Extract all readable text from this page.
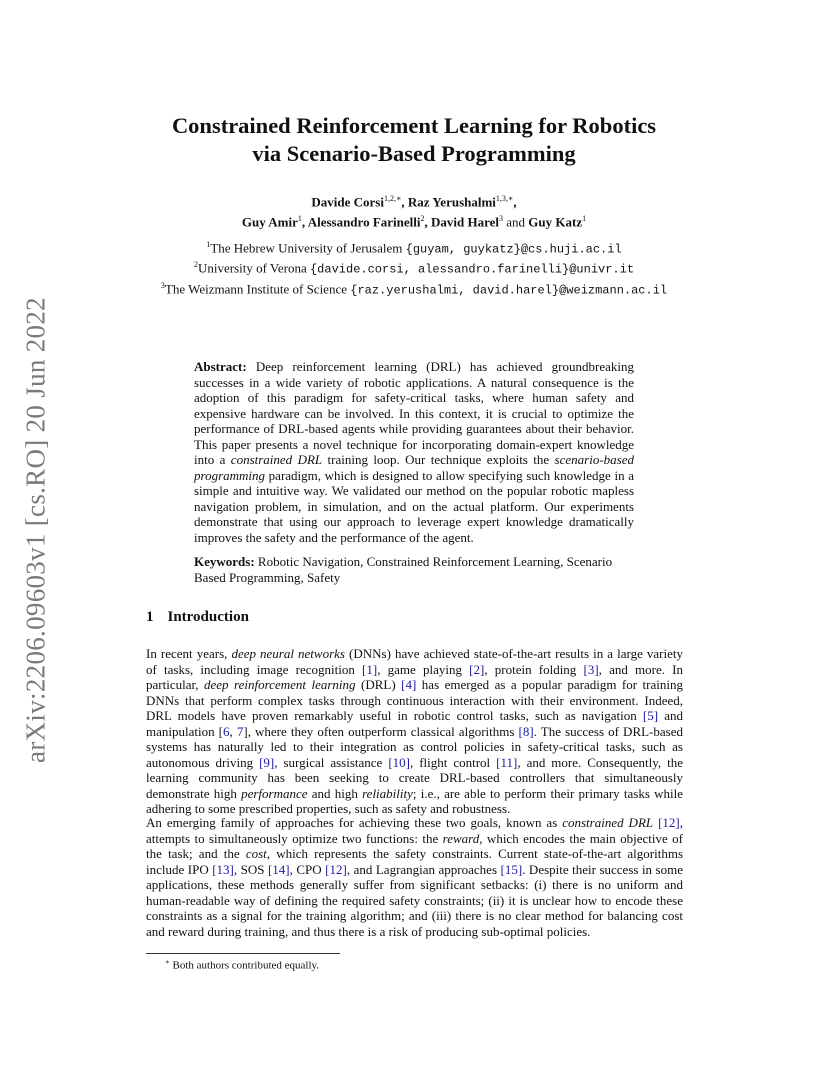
arXiv:2206.09603v1 [cs.RO] 20 Jun 2022
Constrained Reinforcement Learning for Robotics
via Scenario-Based Programming
Davide Corsi$^{1,2,∗}$, Raz Yerushalmi$^{1,3,∗}$,
Guy Amir$^1$, Alessandro Farinelli$^2$, David Harel$^3$ and Guy Katz$^1$
$^1$The Hebrew University of Jerusalem {guyam, guykatz}@cs.huji.ac.il
$^2$University of Verona {davide.corsi, alessandro.farinelli}@univr.it
$^3$The Weizmann Institute of Science {raz.yerushalmi, david.harel}@weizmann.ac.il
Abstract: Deep reinforcement learning (DRL) has achieved groundbreaking successes in a wide variety of robotic applications. A natural consequence is the adoption of this paradigm for safety-critical tasks, where human safety and expensive hardware can be involved. In this context, it is crucial to optimize the performance of DRL-based agents while providing guarantees about their behavior. This paper presents a novel technique for incorporating domain-expert knowledge into a constrained DRL training loop. Our technique exploits the scenario-based programming paradigm, which is designed to allow specifying such knowledge in a simple and intuitive way. We validated our method on the popular robotic mapless navigation problem, in simulation, and on the actual platform. Our experiments demonstrate that using our approach to leverage expert knowledge dramatically improves the safety and the performance of the agent.
Keywords: Robotic Navigation, Constrained Reinforcement Learning, Scenario Based Programming, Safety
1 Introduction
In recent years, deep neural networks (DNNs) have achieved state-of-the-art results in a large variety of tasks, including image recognition [1], game playing [2], protein folding [3], and more. In particular, deep reinforcement learning (DRL) [4] has emerged as a popular paradigm for training DNNs that perform complex tasks through continuous interaction with their environment. Indeed, DRL models have proven remarkably useful in robotic control tasks, such as navigation [5] and manipulation [6, 7], where they often outperform classical algorithms [8]. The success of DRL-based systems has naturally led to their integration as control policies in safety-critical tasks, such as autonomous driving [9], surgical assistance [10], flight control [11], and more. Consequently, the learning community has been seeking to create DRL-based controllers that simultaneously demonstrate high performance and high reliability; i.e., are able to perform their primary tasks while adhering to some prescribed properties, such as safety and robustness.
An emerging family of approaches for achieving these two goals, known as constrained DRL [12], attempts to simultaneously optimize two functions: the reward, which encodes the main objective of the task; and the cost, which represents the safety constraints. Current state-of-the-art algorithms include IPO [13], SOS [14], CPO [12], and Lagrangian approaches [15]. Despite their success in some applications, these methods generally suffer from significant setbacks: (i) there is no uniform and human-readable way of defining the required safety constraints; (ii) it is unclear how to encode these constraints as a signal for the training algorithm; and (iii) there is no clear method for balancing cost and reward during training, and thus there is a risk of producing sub-optimal policies.
∗ Both authors contributed equally.
